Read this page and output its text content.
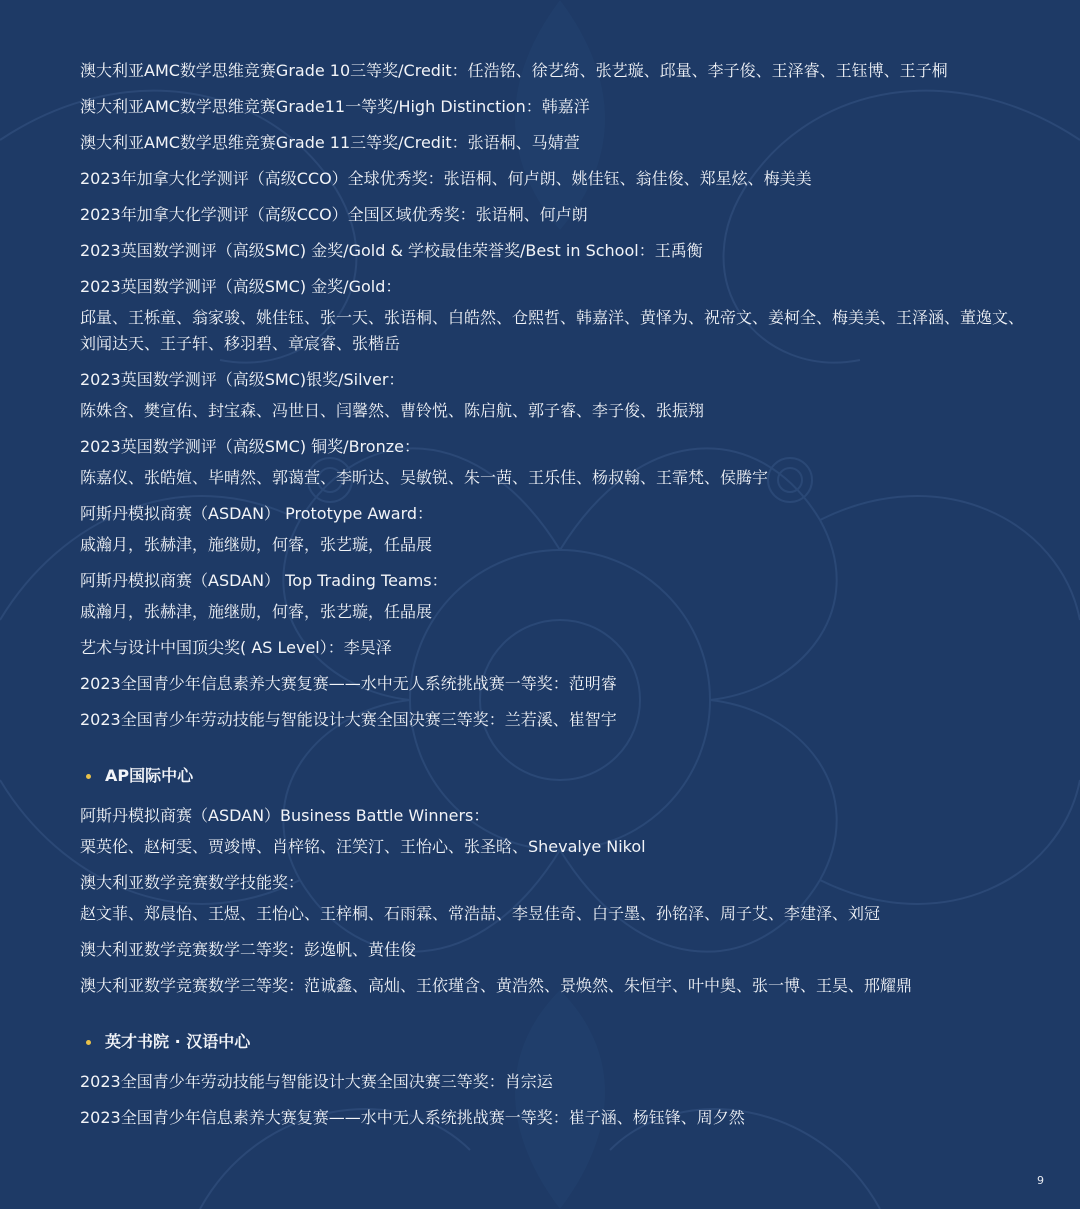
澳大利亚AMC数学思维竞赛Grade 10三等奖/Credit：任浩铭、徐艺绮、张艺璇、邱量、李子俊、王泽睿、王钰博、王子桐
澳大利亚AMC数学思维竞赛Grade11一等奖/High Distinction：韩嘉洋
澳大利亚AMC数学思维竞赛Grade 11三等奖/Credit：张语桐、马婧萱
2023年加拿大化学测评（高级CCO）全球优秀奖：张语桐、何卢朗、姚佳钰、翁佳俊、郑星炫、梅美美
2023年加拿大化学测评（高级CCO）全国区域优秀奖：张语桐、何卢朗
2023英国数学测评（高级SMC) 金奖/Gold & 学校最佳荣誉奖/Best in School：王禹衡
2023英国数学测评（高级SMC) 金奖/Gold：
邱量、王栎童、翁家骏、姚佳钰、张一天、张语桐、白皓然、仓熙哲、韩嘉洋、黄怿为、祝帝文、姜柯全、梅美美、王泽涵、董逸文、刘闻达天、王子轩、移羽碧、章宸睿、张楷岳
2023英国数学测评（高级SMC)银奖/Silver：
陈姝含、樊宣佑、封宝森、冯世日、闫馨然、曹铃悦、陈启航、郭子睿、李子俊、张振翔
2023英国数学测评（高级SMC) 铜奖/Bronze：
陈嘉仪、张皓媗、毕晴然、郭蔼萱、李昕达、吴敏锐、朱一茜、王乐佳、杨叔翰、王霏梵、侯腾宇
阿斯丹模拟商赛（ASDAN） Prototype Award：
戚瀚月，张赫津，施继勋，何睿，张艺璇，任晶展
阿斯丹模拟商赛（ASDAN） Top Trading Teams：
戚瀚月，张赫津，施继勋，何睿，张艺璇，任晶展
艺术与设计中国顶尖奖( AS Level）：李昊泽
2023全国青少年信息素养大赛复赛——水中无人系统挑战赛一等奖：范明睿
2023全国青少年劳动技能与智能设计大赛全国决赛三等奖：兰若溪、崔智宇
AP国际中心
阿斯丹模拟商赛（ASDAN）Business Battle Winners：
栗英伦、赵柯雯、贾竣博、肖梓铭、汪笑汀、王怡心、张圣晗、Shevalye Nikol
澳大利亚数学竞赛数学技能奖：
赵文菲、郑晨怡、王煜、王怡心、王梓桐、石雨霖、常浩喆、李昱佳奇、白子墨、孙铭泽、周子艾、李建泽、刘冠
澳大利亚数学竞赛数学二等奖：彭逸帆、黄佳俊
澳大利亚数学竞赛数学三等奖：范诚鑫、高灿、王依瑾含、黄浩然、景焕然、朱恒宇、叶中奥、张一博、王昊、邢耀鼎
英才书院 · 汉语中心
2023全国青少年劳动技能与智能设计大赛全国决赛三等奖：肖宗运
2023全国青少年信息素养大赛复赛——水中无人系统挑战赛一等奖：崔子涵、杨钰锋、周夕然
9
